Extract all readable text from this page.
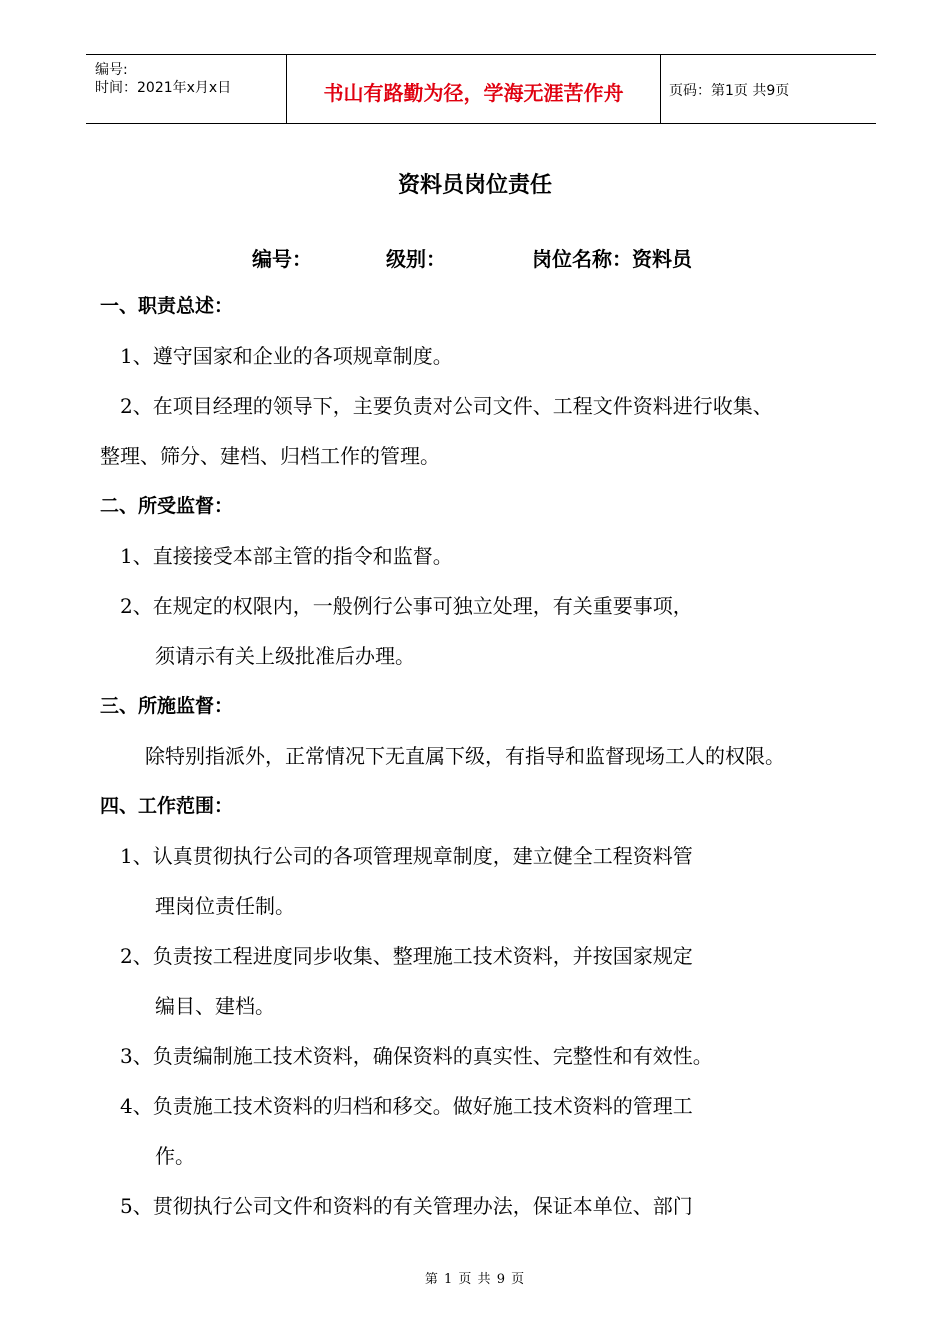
编号:
时间：2021年x月x日	书山有路勤为径，学海无涯苦作舟	页码：第1页 共9页
资料员岗位责任
编号：	级别：	岗位名称：资料员
一、职责总述：
1、遵守国家和企业的各项规章制度。
2、在项目经理的领导下，主要负责对公司文件、工程文件资料进行收集、
整理、筛分、建档、归档工作的管理。
二、所受监督：
1、直接接受本部主管的指令和监督。
2、在规定的权限内，一般例行公事可独立处理，有关重要事项，
须请示有关上级批准后办理。
三、所施监督：
除特别指派外，正常情况下无直属下级，有指导和监督现场工人的权限。
四、工作范围：
1、认真贯彻执行公司的各项管理规章制度，建立健全工程资料管
理岗位责任制。
2、负责按工程进度同步收集、整理施工技术资料，并按国家规定
编目、建档。
3、负责编制施工技术资料，确保资料的真实性、完整性和有效性。
4、负责施工技术资料的归档和移交。做好施工技术资料的管理工
作。
5、贯彻执行公司文件和资料的有关管理办法，保证本单位、部门
第 1 页 共 9 页
